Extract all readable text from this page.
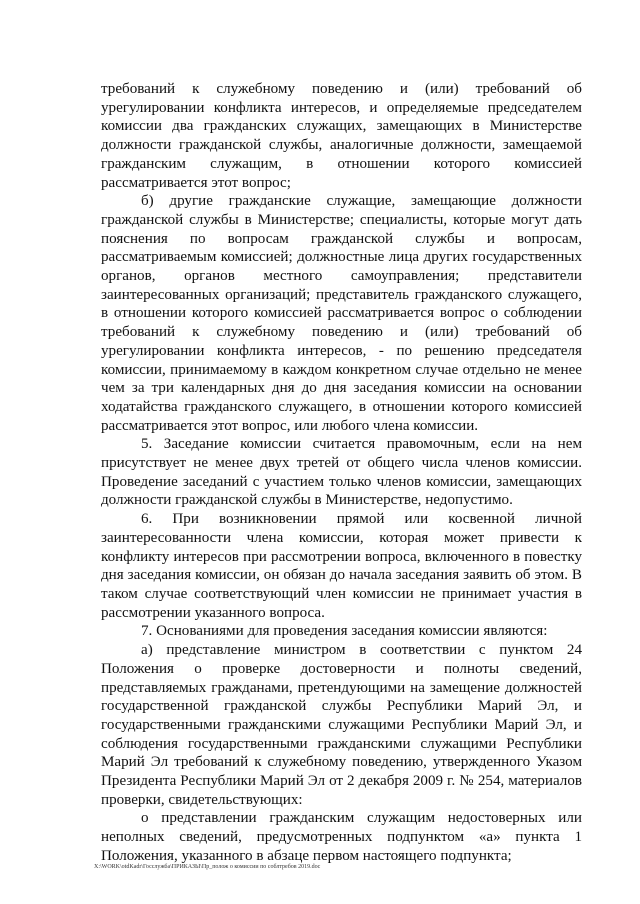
требований к служебному поведению и (или) требований об урегулировании конфликта интересов, и определяемые председателем комиссии два гражданских служащих, замещающих в Министерстве должности гражданской службы, аналогичные должности, замещаемой гражданским служащим, в отношении которого комиссией рассматривается этот вопрос;

б) другие гражданские служащие, замещающие должности гражданской службы в Министерстве; специалисты, которые могут дать пояснения по вопросам гражданской службы и вопросам, рассматриваемым комиссией; должностные лица других государственных органов, органов местного самоуправления; представители заинтересованных организаций; представитель гражданского служащего, в отношении которого комиссией рассматривается вопрос о соблюдении требований к служебному поведению и (или) требований об урегулировании конфликта интересов, - по решению председателя комиссии, принимаемому в каждом конкретном случае отдельно не менее чем за три календарных дня до дня заседания комиссии на основании ходатайства гражданского служащего, в отношении которого комиссией рассматривается этот вопрос, или любого члена комиссии.

5. Заседание комиссии считается правомочным, если на нем присутствует не менее двух третей от общего числа членов комиссии. Проведение заседаний с участием только членов комиссии, замещающих должности гражданской службы в Министерстве, недопустимо.

6. При возникновении прямой или косвенной личной заинтересованности члена комиссии, которая может привести к конфликту интересов при рассмотрении вопроса, включенного в повестку дня заседания комиссии, он обязан до начала заседания заявить об этом. В таком случае соответствующий член комиссии не принимает участия в рассмотрении указанного вопроса.

7. Основаниями для проведения заседания комиссии являются:

а) представление министром в соответствии с пунктом 24 Положения о проверке достоверности и полноты сведений, представляемых гражданами, претендующими на замещение должностей государственной гражданской службы Республики Марий Эл, и государственными гражданскими служащими Республики Марий Эл, и соблюдения государственными гражданскими служащими Республики Марий Эл требований к служебному поведению, утвержденного Указом Президента Республики Марий Эл от 2 декабря 2009 г. № 254, материалов проверки, свидетельствующих:

о представлении гражданским служащим недостоверных или неполных сведений, предусмотренных подпунктом «а» пункта 1 Положения, указанного в абзаце первом настоящего подпункта;

X:\WORK\otdKadr\Госслужба\ПРИКАЗЫ\Пр_полож о комиссии по соблтребов 2019.doc
